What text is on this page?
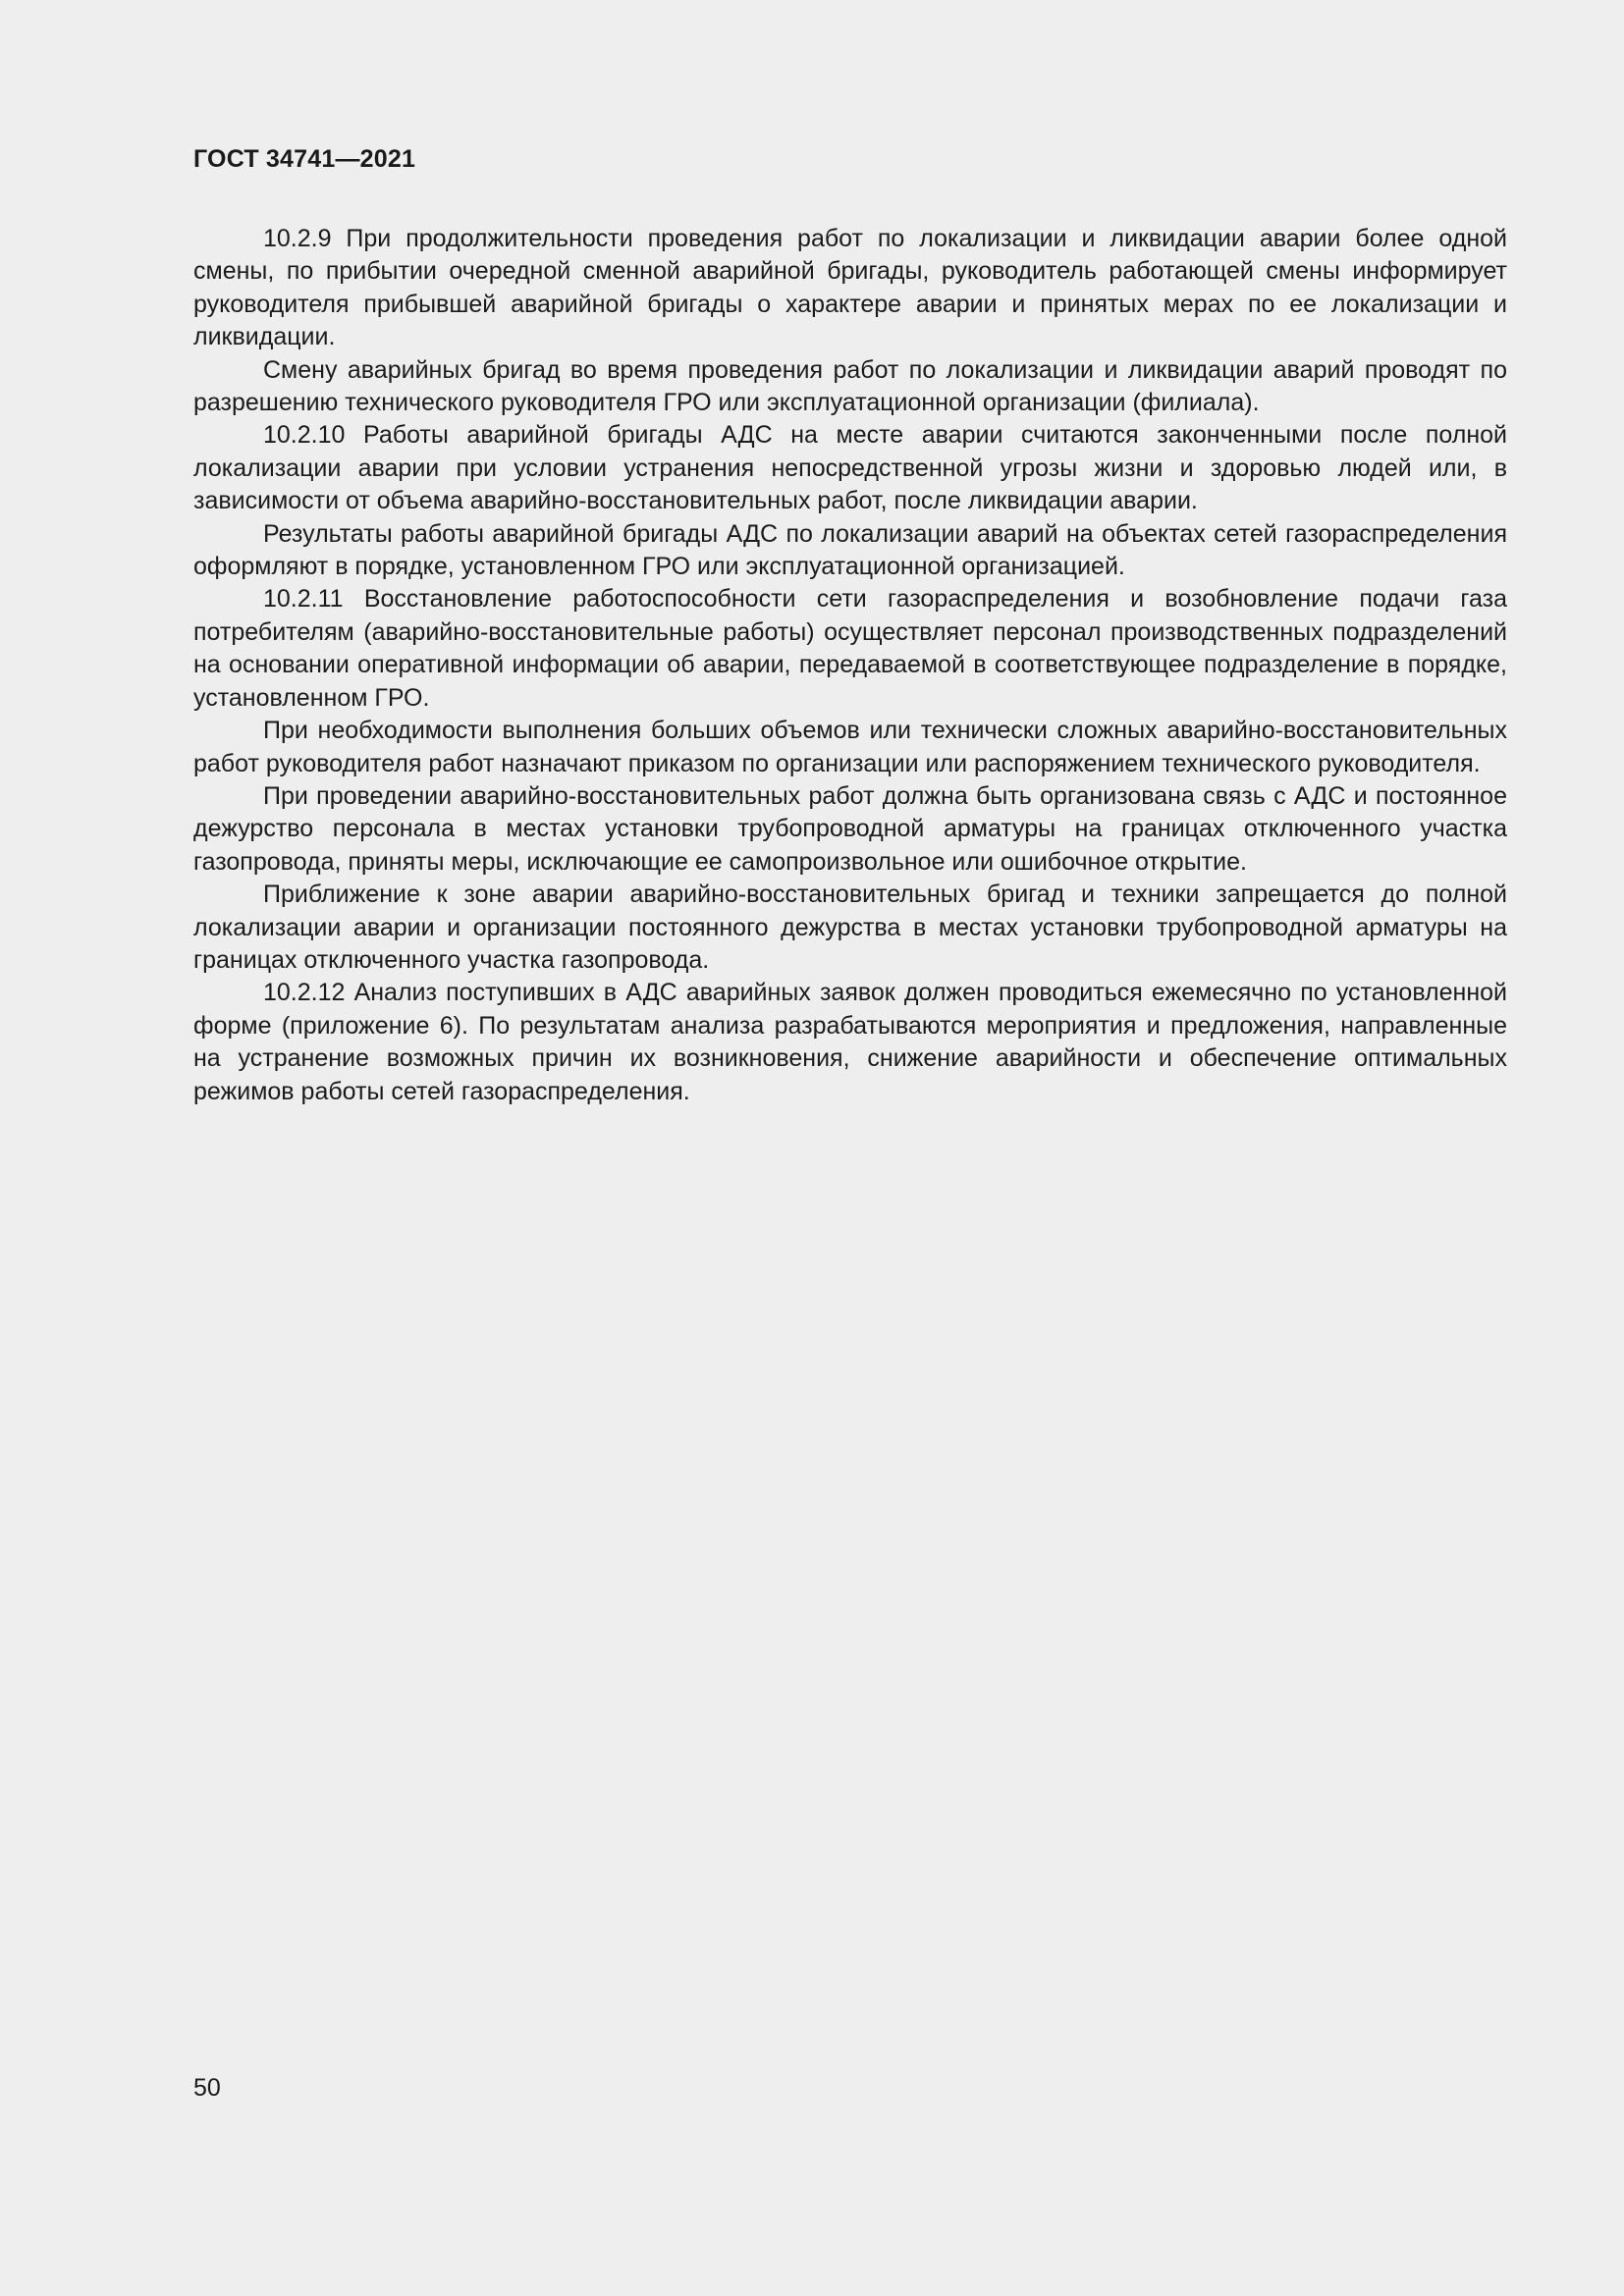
ГОСТ 34741—2021

10.2.9 При продолжительности проведения работ по локализации и ликвидации аварии более одной смены, по прибытии очередной сменной аварийной бригады, руководитель работающей смены информирует руководителя прибывшей аварийной бригады о характере аварии и принятых мерах по ее локализации и ликвидации.

Смену аварийных бригад во время проведения работ по локализации и ликвидации аварий проводят по разрешению технического руководителя ГРО или эксплуатационной организации (филиала).

10.2.10 Работы аварийной бригады АДС на месте аварии считаются законченными после полной локализации аварии при условии устранения непосредственной угрозы жизни и здоровью людей или, в зависимости от объема аварийно-восстановительных работ, после ликвидации аварии.

Результаты работы аварийной бригады АДС по локализации аварий на объектах сетей газораспределения оформляют в порядке, установленном ГРО или эксплуатационной организацией.

10.2.11 Восстановление работоспособности сети газораспределения и возобновление подачи газа потребителям (аварийно-восстановительные работы) осуществляет персонал производственных подразделений на основании оперативной информации об аварии, передаваемой в соответствующее подразделение в порядке, установленном ГРО.

При необходимости выполнения больших объемов или технически сложных аварийно-восстановительных работ руководителя работ назначают приказом по организации или распоряжением технического руководителя.

При проведении аварийно-восстановительных работ должна быть организована связь с АДС и постоянное дежурство персонала в местах установки трубопроводной арматуры на границах отключенного участка газопровода, приняты меры, исключающие ее самопроизвольное или ошибочное открытие.

Приближение к зоне аварии аварийно-восстановительных бригад и техники запрещается до полной локализации аварии и организации постоянного дежурства в местах установки трубопроводной арматуры на границах отключенного участка газопровода.

10.2.12 Анализ поступивших в АДС аварийных заявок должен проводиться ежемесячно по установленной форме (приложение 6). По результатам анализа разрабатываются мероприятия и предложения, направленные на устранение возможных причин их возникновения, снижение аварийности и обеспечение оптимальных режимов работы сетей газораспределения.

50
